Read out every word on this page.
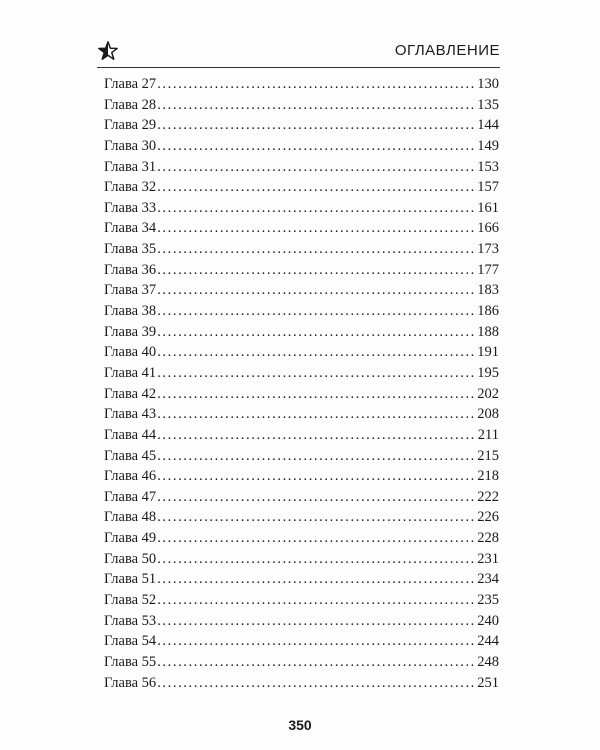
ОГЛАВЛЕНИЕ
Глава 27 .....	130
Глава 28 .....	135
Глава 29 .....	144
Глава 30 .....	149
Глава 31 .....	153
Глава 32 .....	157
Глава 33 .....	161
Глава 34 .....	166
Глава 35 .....	173
Глава 36 .....	177
Глава 37 .....	183
Глава 38 .....	186
Глава 39 .....	188
Глава 40 .....	191
Глава 41 .....	195
Глава 42 .....	202
Глава 43 .....	208
Глава 44 .....	211
Глава 45 .....	215
Глава 46 .....	218
Глава 47 .....	222
Глава 48 .....	226
Глава 49 .....	228
Глава 50 .....	231
Глава 51 .....	234
Глава 52 .....	235
Глава 53 .....	240
Глава 54 .....	244
Глава 55 .....	248
Глава 56 .....	251
350
